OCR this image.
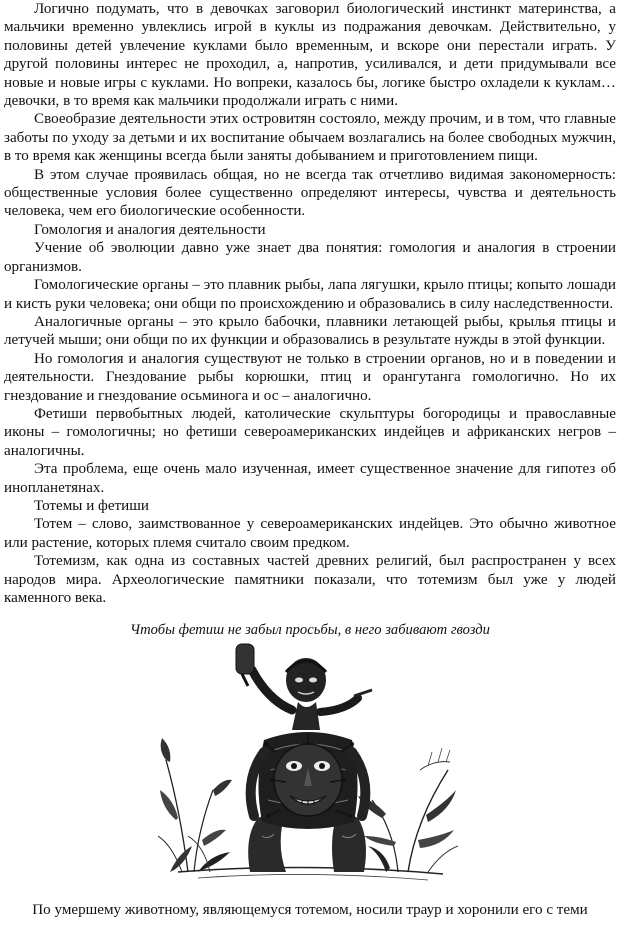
Логично подумать, что в девочках заговорил биологический инстинкт материнства, а мальчики временно увлеклись игрой в куклы из подражания девочкам. Действительно, у половины детей увлечение куклами было временным, и вскоре они перестали играть. У другой половины интерес не проходил, а, напротив, усиливался, и дети придумывали все новые и новые игры с куклами. Но вопреки, казалось бы, логике быстро охладели к куклам… девочки, в то время как мальчики продолжали играть с ними.

Своеобразие деятельности этих островитян состояло, между прочим, и в том, что главные заботы по уходу за детьми и их воспитание обычаем возлагались на более свободных мужчин, в то время как женщины всегда были заняты добыванием и приготовлением пищи.

В этом случае проявилась общая, но не всегда так отчетливо видимая закономерность: общественные условия более существенно определяют интересы, чувства и деятельность человека, чем его биологические особенности.

Гомология и аналогия деятельности

Учение об эволюции давно уже знает два понятия: гомология и аналогия в строении организмов.

Гомологические органы – это плавник рыбы, лапа лягушки, крыло птицы; копыто лошади и кисть руки человека; они общи по происхождению и образовались в силу наследственности.

Аналогичные органы – это крыло бабочки, плавники летающей рыбы, крылья птицы и летучей мыши; они общи по их функции и образовались в результате нужды в этой функции.

Но гомология и аналогия существуют не только в строении органов, но и в поведении и деятельности. Гнездование рыбы корюшки, птиц и орангутанга гомологично. Но их гнездование и гнездование осьминога и ос – аналогично.

Фетиши первобытных людей, католические скульптуры богородицы и православные иконы – гомологичны; но фетиши североамериканских индейцев и африканских негров – аналогичны.

Эта проблема, еще очень мало изученная, имеет существенное значение для гипотез об инопланетянах.

Тотемы и фетиши

Тотем – слово, заимствованное у североамериканских индейцев. Это обычно животное или растение, которых племя считало своим предком.

Тотемизм, как одна из составных частей древних религий, был распространен у всех народов мира. Археологические памятники показали, что тотемизм был уже у людей каменного века.

Чтобы фетиш не забыл просьбы, в него забивают гвозди
По умершему животному, являющемуся тотемом, носили траур и хоронили его с теми
